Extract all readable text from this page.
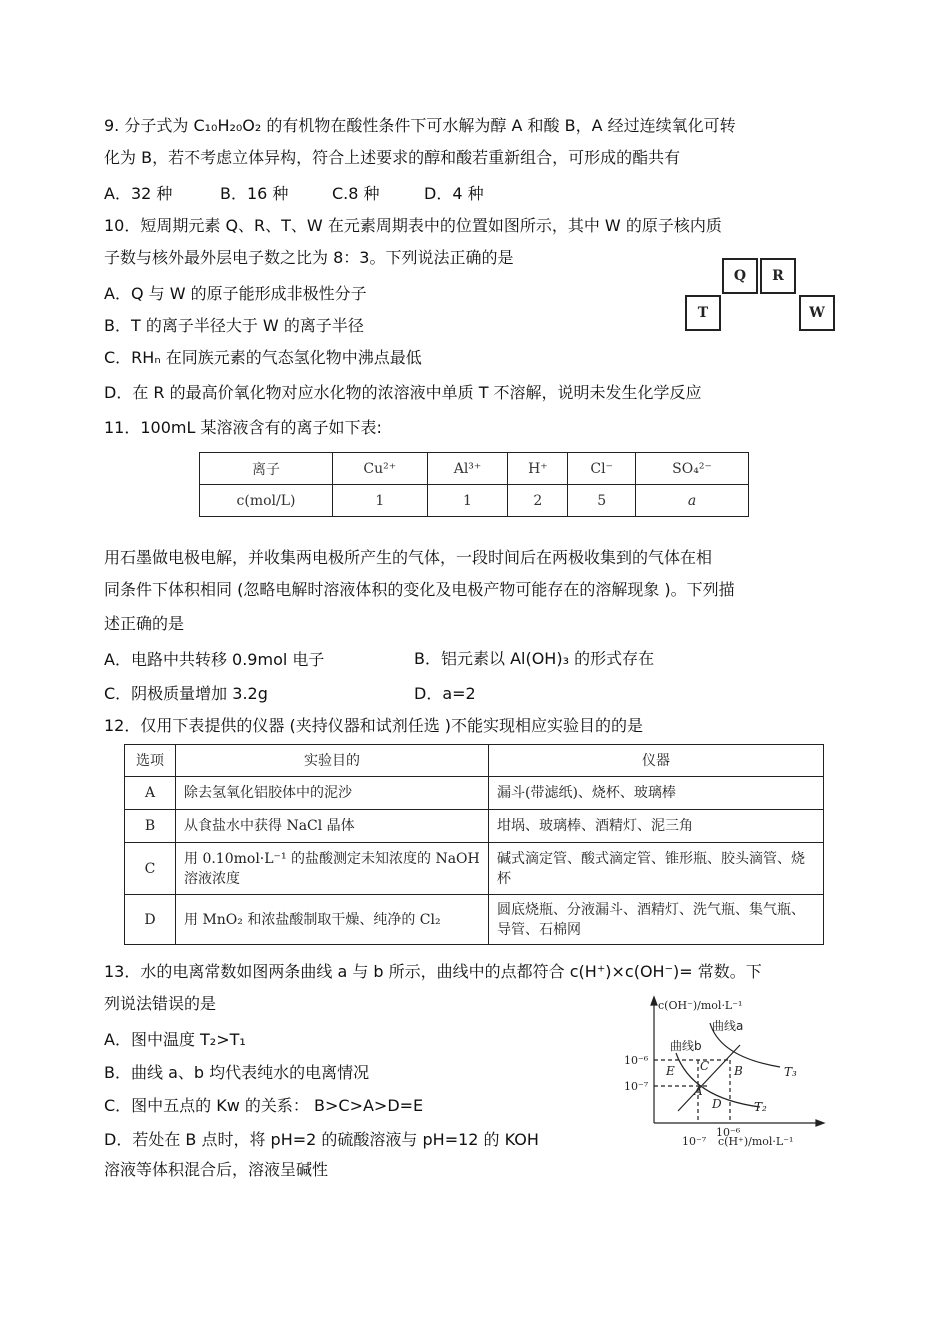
9. 分子式为 C₁₀H₂₀O₂ 的有机物在酸性条件下可水解为醇 A 和酸 B，A 经过连续氧化可转
化为 B，若不考虑立体异构，符合上述要求的醇和酸若重新组合，可形成的酯共有
A．32 种	B．16 种	C.8 种	D．4 种
10．短周期元素 Q、R、T、W 在元素周期表中的位置如图所示，其中 W 的原子核内质
子数与核外最外层电子数之比为 8：3。下列说法正确的是
A．Q 与 W 的原子能形成非极性分子
B．T 的离子半径大于 W 的离子半径
C．RHₙ 在同族元素的气态氢化物中沸点最低
D．在 R 的最高价氧化物对应水化物的浓溶液中单质 T 不溶解，说明未发生化学反应
Q	R
T	W
11．100mL 某溶液含有的离子如下表:
离子	Cu²⁺	Al³⁺	H⁺	Cl⁻	SO₄²⁻
c(mol/L)	1	1	2	5	a
用石墨做电极电解，并收集两电极所产生的气体，一段时间后在两极收集到的气体在相
同条件下体积相同 (忽略电解时溶液体积的变化及电极产物可能存在的溶解现象 )。下列描
述正确的是
A．电路中共转移 0.9mol 电子	B．铝元素以 Al(OH)₃ 的形式存在
C．阴极质量增加 3.2g	D．a=2
12．仅用下表提供的仪器 (夹持仪器和试剂任选 )不能实现相应实验目的的是
选项	实验目的	仪器
A	除去氢氧化铝胶体中的泥沙	漏斗(带滤纸)、烧杯、玻璃棒
B	从食盐水中获得 NaCl 晶体	坩埚、玻璃棒、酒精灯、泥三角
C	用 0.10mol·L⁻¹ 的盐酸测定未知浓度的 NaOH 溶液浓度	碱式滴定管、酸式滴定管、锥形瓶、胶头滴管、烧杯
D	用 MnO₂ 和浓盐酸制取干燥、纯净的 Cl₂	圆底烧瓶、分液漏斗、酒精灯、洗气瓶、集气瓶、导管、石棉网
13．水的电离常数如图两条曲线 a 与 b 所示，曲线中的点都符合 c(H⁺)×c(OH⁻)= 常数。下
列说法错误的是
A．图中温度 T₂>T₁
B．曲线 a、b 均代表纯水的电离情况
C．图中五点的 Kw 的关系： B>C>A>D=E
D．若处在 B 点时，将 pH=2 的硫酸溶液与 pH=12 的 KOH
溶液等体积混合后，溶液呈碱性
c(OH⁻)/mol·L⁻¹
c(H⁺)/mol·L⁻¹
10⁻⁶
10⁻⁷
10⁻⁷
10⁻⁶
曲线a
曲线b
T₃
T₂
E C B
A
D
